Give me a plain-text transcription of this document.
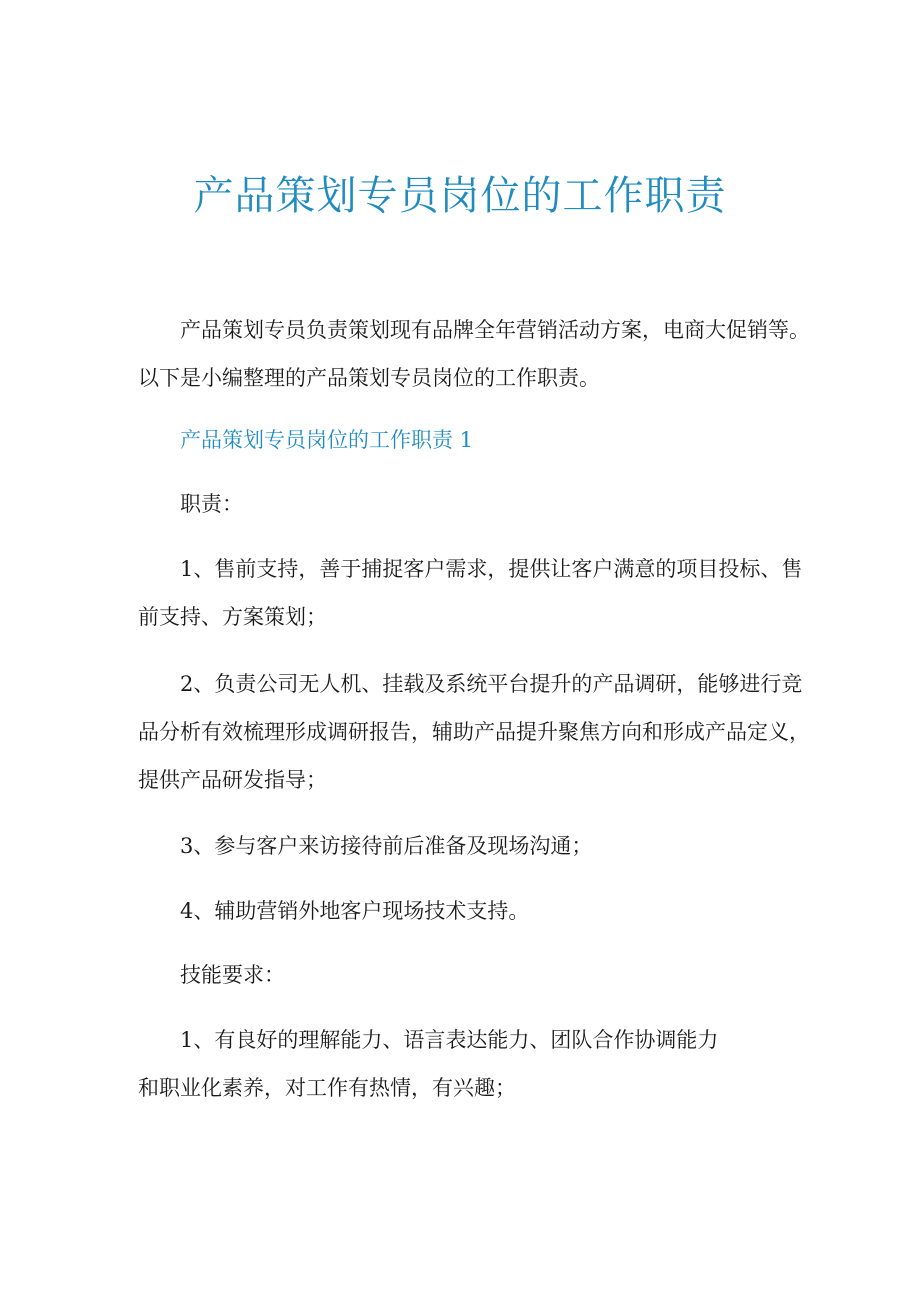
产品策划专员岗位的工作职责

产品策划专员负责策划现有品牌全年营销活动方案，电商大促销等。以下是小编整理的产品策划专员岗位的工作职责。

产品策划专员岗位的工作职责 1

职责：

1、售前支持，善于捕捉客户需求，提供让客户满意的项目投标、售前支持、方案策划；

2、负责公司无人机、挂载及系统平台提升的产品调研，能够进行竞品分析有效梳理形成调研报告，辅助产品提升聚焦方向和形成产品定义，提供产品研发指导；

3、参与客户来访接待前后准备及现场沟通；

4、辅助营销外地客户现场技术支持。

技能要求：

1、有良好的理解能力、语言表达能力、团队合作协调能力
和职业化素养，对工作有热情，有兴趣；
